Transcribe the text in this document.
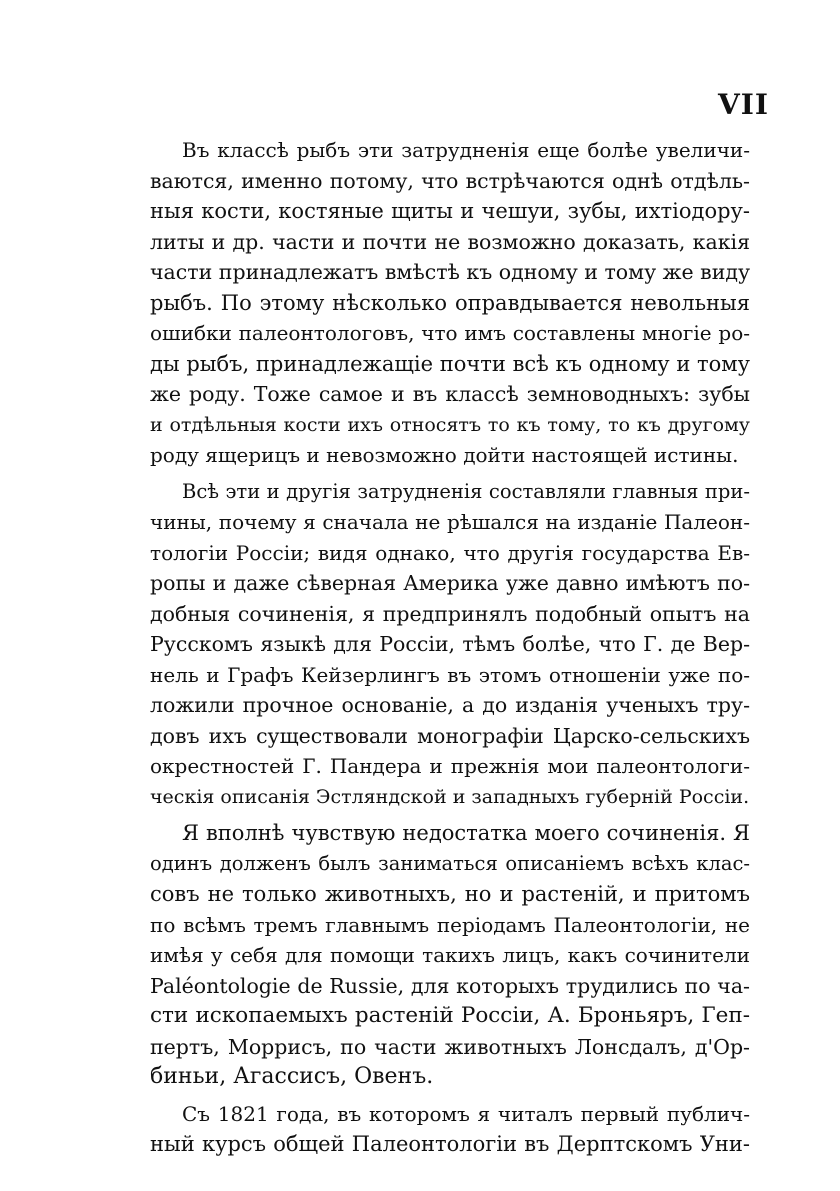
VII
Въ классѣ рыбъ эти затрудненія еще болѣе увеличи-
ваются, именно потому, что встрѣчаются однѣ отдѣль-
ныя кости, костяные щиты и чешуи, зубы, ихтіодору-
литы и др. части и почти не возможно доказать, какія
части принадлежатъ вмѣстѣ къ одному и тому же виду
рыбъ. По этому нѣсколько оправдывается невольныя
ошибки палеонтологовъ, что имъ составлены многіе ро-
ды рыбъ, принадлежащіе почти всѣ къ одному и тому
же роду. Тоже самое и въ классѣ земноводныхъ: зубы
и отдѣльныя кости ихъ относятъ то къ тому, то къ другому
роду ящерицъ и невозможно дойти настоящей истины.
Всѣ эти и другія затрудненія составляли главныя при-
чины, почему я сначала не рѣшался на изданіе Палеон-
тологіи Россіи; видя однако, что другія государства Ев-
ропы и даже сѣверная Америка уже давно имѣютъ по-
добныя сочиненія, я предпринялъ подобный опытъ на
Русскомъ языкѣ для Россіи, тѣмъ болѣе, что Г. де Вер-
нель и Графъ Кейзерлингъ въ этомъ отношеніи уже по-
ложили прочное основаніе, а до изданія ученыхъ тру-
довъ ихъ существовали монографіи Царско-сельскихъ
окрестностей Г. Пандера и прежнія мои палеонтологи-
ческія описанія Эстляндской и западныхъ губерній Россіи.
Я вполнѣ чувствую недостатка моего сочиненія. Я
одинъ долженъ былъ заниматься описаніемъ всѣхъ клас-
совъ не только животныхъ, но и растеній, и притомъ
по всѣмъ тремъ главнымъ періодамъ Палеонтологіи, не
имѣя у себя для помощи такихъ лицъ, какъ сочинители
Paléontologie de Russie, для которыхъ трудились по ча-
сти ископаемыхъ растеній Россіи, А. Броньяръ, Геп-
пертъ, Моррисъ, по части животныхъ Лонсдалъ, д'Ор-
биньи, Агассисъ, Овенъ.
Съ 1821 года, въ которомъ я читалъ первый публич-
ный курсъ общей Палеонтологіи въ Дерптскомъ Уни-
